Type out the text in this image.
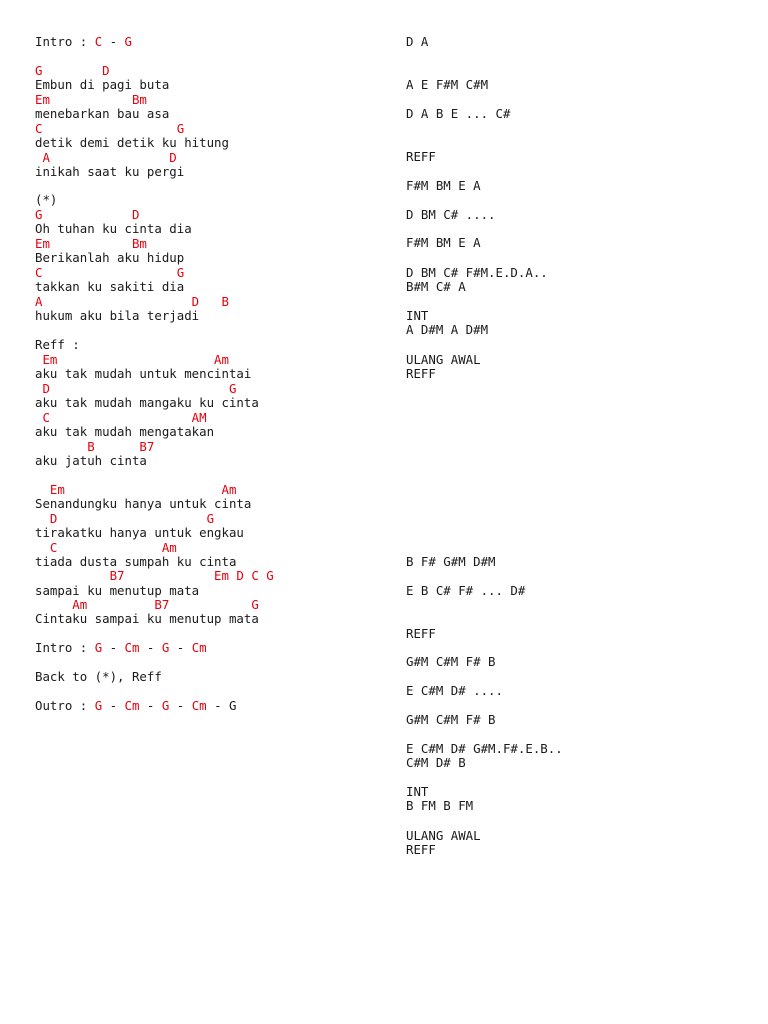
Intro : C - G
G        D
Embun di pagi buta
Em           Bm
menebarkan bau asa
C                  G
detik demi detik ku hitung
A                D
inikah saat ku pergi
(*)
G            D
Oh tuhan ku cinta dia
Em           Bm
Berikanlah aku hidup
C                  G
takkan ku sakiti dia
A                    D   B
hukum aku bila terjadi
Reff :
Em                     Am
aku tak mudah untuk mencintai
D                        G
aku tak mudah mangaku ku cinta
C                   AM
aku tak mudah mengatakan
B      B7
aku jatuh cinta
Em                     Am
Senandungku hanya untuk cinta
D                    G
tirakatku hanya untuk engkau
C              Am
tiada dusta sumpah ku cinta
B7            Em D C G
sampai ku menutup mata
Am         B7           G
Cintaku sampai ku menutup mata
Intro : G - Cm - G - Cm
Back to (*), Reff
Outro : G - Cm - G - Cm - G
D A
A E F#M C#M
D A B E ... C#
REFF
F#M BM E A
D BM C# ....
F#M BM E A
D BM C# F#M.E.D.A..
B#M C# A
INT
A D#M A D#M
ULANG AWAL
REFF
B F# G#M D#M
E B C# F# ... D#
REFF
G#M C#M F# B
E C#M D# ....
G#M C#M F# B
E C#M D# G#M.F#.E.B..
C#M D# B
INT
B FM B FM
ULANG AWAL
REFF
